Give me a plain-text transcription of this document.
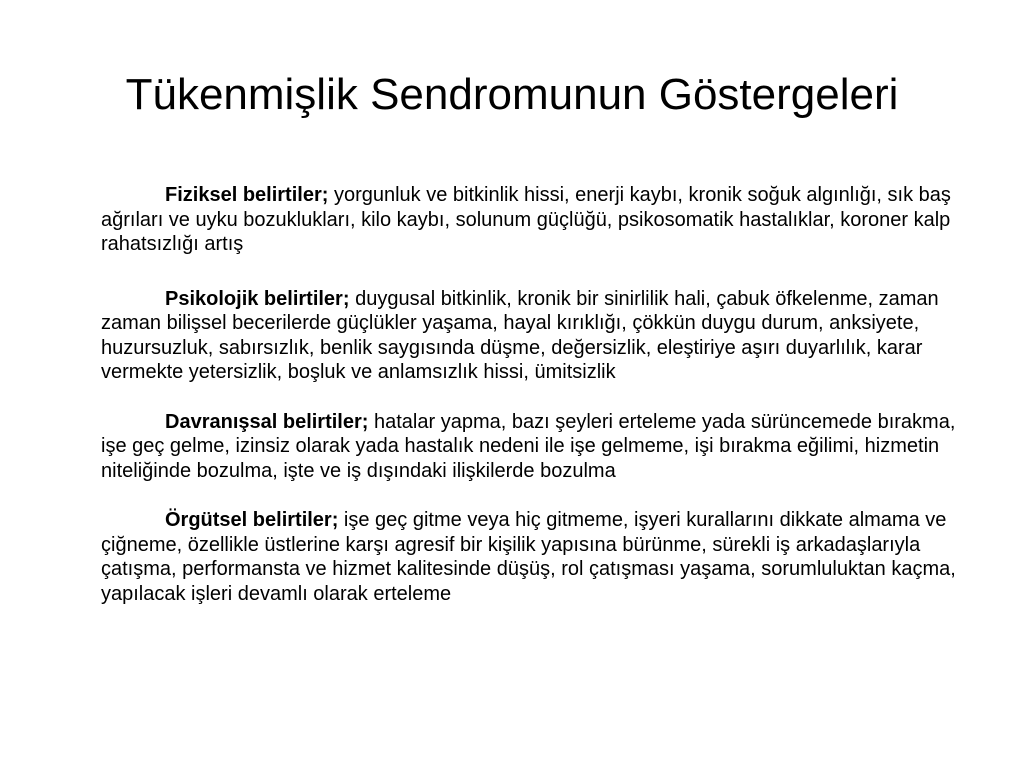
Tükenmişlik Sendromunun Göstergeleri

Fiziksel belirtiler; yorgunluk ve bitkinlik hissi, enerji kaybı, kronik soğuk algınlığı, sık baş ağrıları ve uyku bozuklukları, kilo kaybı, solunum güçlüğü, psikosomatik hastalıklar, koroner kalp rahatsızlığı artış

Psikolojik belirtiler; duygusal bitkinlik, kronik bir sinirlilik hali, çabuk öfkelenme, zaman zaman bilişsel becerilerde güçlükler yaşama, hayal kırıklığı, çökkün duygu durum, anksiyete, huzursuzluk, sabırsızlık, benlik saygısında düşme, değersizlik, eleştiriye aşırı duyarlılık, karar vermekte yetersizlik, boşluk ve anlamsızlık hissi, ümitsizlik

Davranışsal belirtiler; hatalar yapma, bazı şeyleri erteleme yada sürüncemede bırakma, işe geç gelme, izinsiz olarak yada hastalık nedeni ile işe gelmeme, işi bırakma eğilimi, hizmetin niteliğinde bozulma, işte ve iş dışındaki ilişkilerde bozulma

Örgütsel belirtiler; işe geç gitme veya hiç gitmeme, işyeri kurallarını dikkate almama ve çiğneme, özellikle üstlerine karşı agresif bir kişilik yapısına bürünme, sürekli iş arkadaşlarıyla çatışma, performansta ve hizmet kalitesinde düşüş, rol çatışması yaşama, sorumluluktan kaçma, yapılacak işleri devamlı olarak erteleme
